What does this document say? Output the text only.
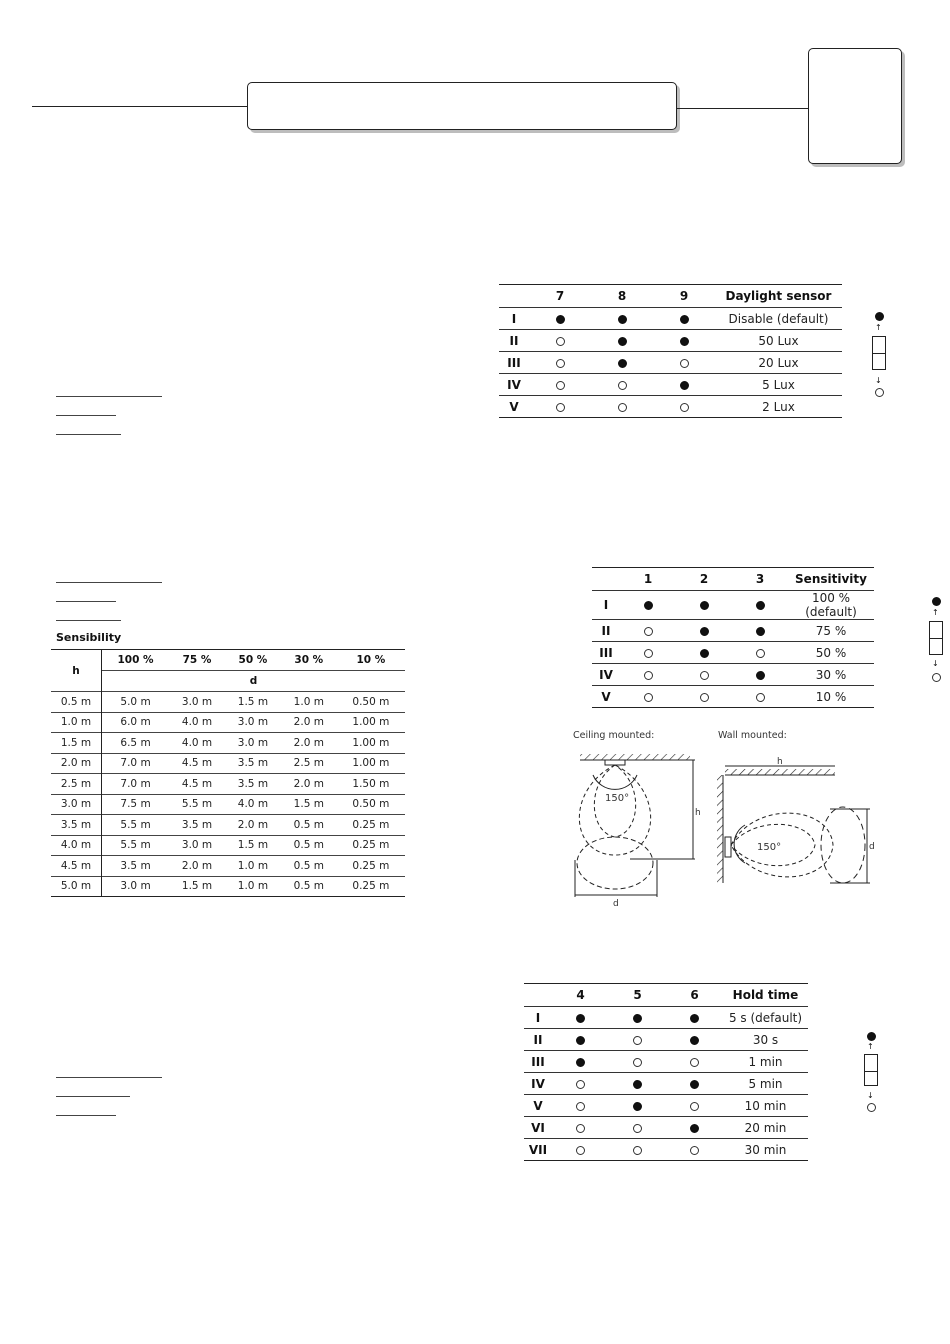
	7	8	9	Daylight sensor
I				Disable (default)
II				50 Lux
III				20 Lux
IV				5 Lux
V				2 Lux
↑
↓
	1	2	3	Sensitivity
I				100 % (default)
II				75 %
III				50 %
IV				30 %
V				10 %
↑
↓
Sensibility
h	100 %	75 %	50 %	30 %	10 %
	d				
0.5 m	5.0 m	3.0 m	1.5 m	1.0 m	0.50 m
1.0 m	6.0 m	4.0 m	3.0 m	2.0 m	1.00 m
1.5 m	6.5 m	4.0 m	3.0 m	2.0 m	1.00 m
2.0 m	7.0 m	4.5 m	3.5 m	2.5 m	1.00 m
2.5 m	7.0 m	4.5 m	3.5 m	2.0 m	1.50 m
3.0 m	7.5 m	5.5 m	4.0 m	1.5 m	0.50 m
3.5 m	5.5 m	3.5 m	2.0 m	0.5 m	0.25 m
4.0 m	5.5 m	3.0 m	1.5 m	0.5 m	0.25 m
4.5 m	3.5 m	2.0 m	1.0 m	0.5 m	0.25 m
5.0 m	3.0 m	1.5 m	1.0 m	0.5 m	0.25 m
Ceiling mounted:	Wall mounted:
150°
h
d
h
150°	d
	4	5	6	Hold time
I				5 s (default)
II				30 s
III				1 min
IV				5 min
V				10 min
VI				20 min
VII				30 min
↑
↓
